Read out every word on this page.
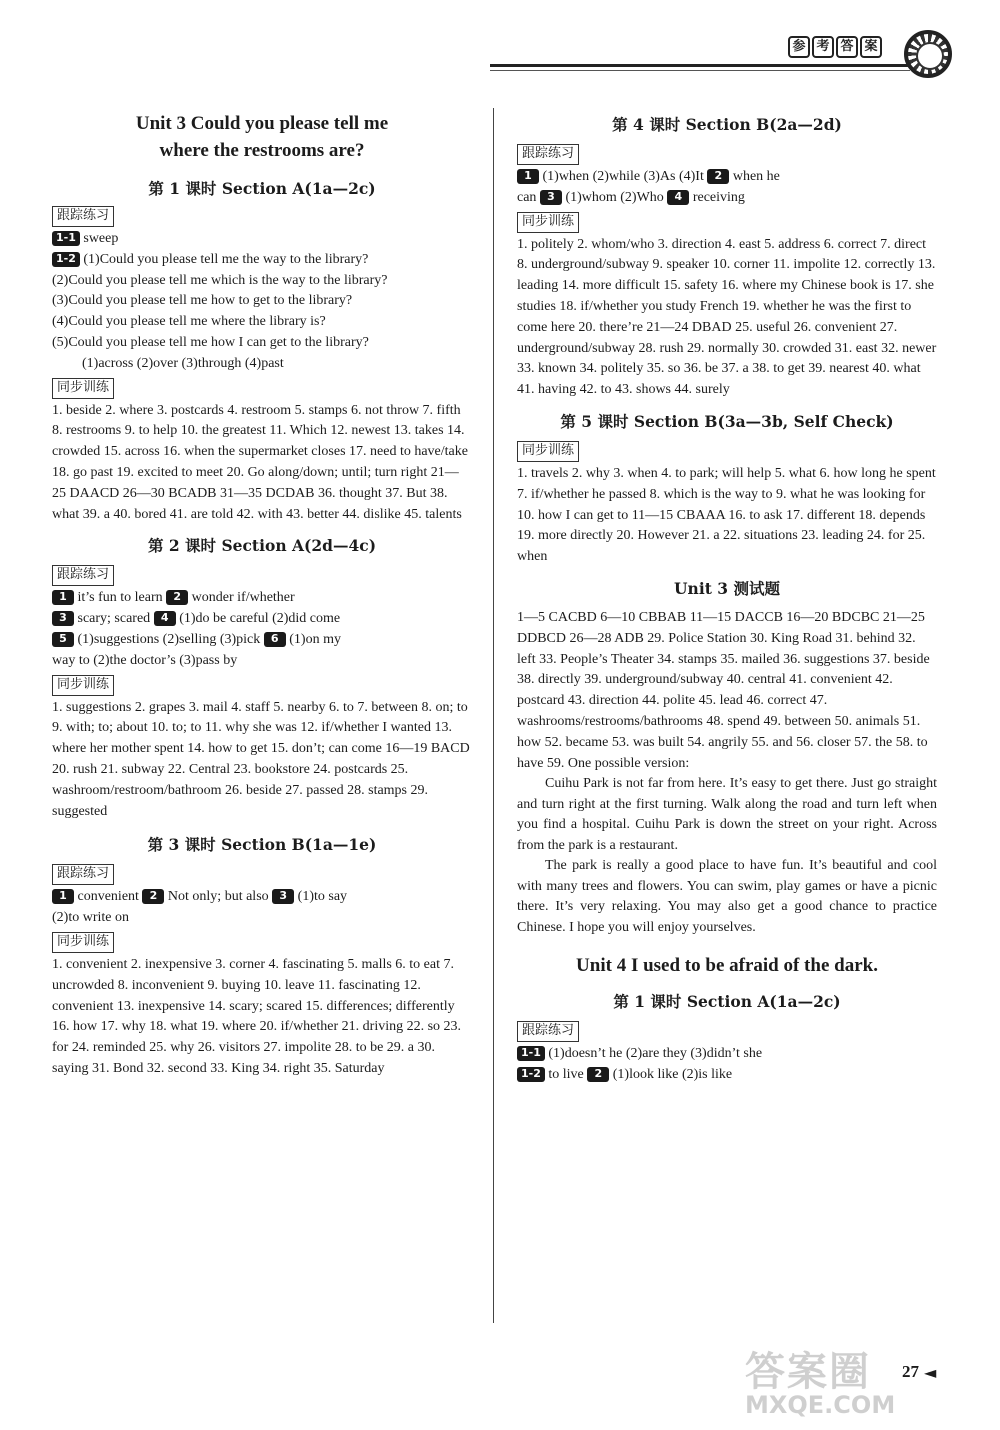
参 考 答 案
Unit 3 Could you please tell me
where the restrooms are?
第 1 课时 Section A(1a—2c)
跟踪练习
1-1 sweep
1-2 (1)Could you please tell me the way to the library?
(2)Could you please tell me which is the way to the library?
(3)Could you please tell me how to get to the library?
(4)Could you please tell me where the library is?
(5)Could you please tell me how I can get to the library?
(1)across (2)over (3)through (4)past
同步训练
1. beside 2. where 3. postcards 4. restroom 5. stamps 6. not throw 7. fifth 8. restrooms 9. to help 10. the greatest 11. Which 12. newest 13. takes 14. crowded 15. across 16. when the supermarket closes 17. need to have/take 18. go past 19. excited to meet 20. Go along/down; until; turn right 21—25 DAACD 26—30 BCADB 31—35 DCDAB 36. thought 37. But 38. what 39. a 40. bored 41. are told 42. with 43. better 44. dislike 45. talents
第 2 课时 Section A(2d—4c)
跟踪练习
1 it’s fun to learn 2 wonder if/whether
3 scary; scared 4 (1)do be careful (2)did come
5 (1)suggestions (2)selling (3)pick 6 (1)on my
way to (2)the doctor’s (3)pass by
同步训练
1. suggestions 2. grapes 3. mail 4. staff 5. nearby 6. to 7. between 8. on; to 9. with; to; about 10. to; to 11. why she was 12. if/whether I wanted 13. where her mother spent 14. how to get 15. don’t; can come 16—19 BACD 20. rush 21. subway 22. Central 23. bookstore 24. postcards 25. washroom/restroom/bathroom 26. beside 27. passed 28. stamps 29. suggested
第 3 课时 Section B(1a—1e)
跟踪练习
1 convenient 2 Not only; but also 3 (1)to say
(2)to write on
同步训练
1. convenient 2. inexpensive 3. corner 4. fascinating 5. malls 6. to eat 7. uncrowded 8. inconvenient 9. buying 10. leave 11. fascinating 12. convenient 13. inexpensive 14. scary; scared 15. differences; differently 16. how 17. why 18. what 19. where 20. if/whether 21. driving 22. so 23. for 24. reminded 25. why 26. visitors 27. impolite 28. to be 29. a 30. saying 31. Bond 32. second 33. King 34. right 35. Saturday
第 4 课时 Section B(2a—2d)
跟踪练习
1 (1)when (2)while (3)As (4)It 2 when he
can 3 (1)whom (2)Who 4 receiving
同步训练
1. politely 2. whom/who 3. direction 4. east 5. address 6. correct 7. direct 8. underground/subway 9. speaker 10. corner 11. impolite 12. correctly 13. leading 14. more difficult 15. safety 16. where my Chinese book is 17. she studies 18. if/whether you study French 19. whether he was the first to come here 20. there’re 21—24 DBAD 25. useful 26. convenient 27. underground/subway 28. rush 29. normally 30. crowded 31. east 32. newer 33. known 34. politely 35. so 36. be 37. a 38. to get 39. nearest 40. what 41. having 42. to 43. shows 44. surely
第 5 课时 Section B(3a—3b, Self Check)
同步训练
1. travels 2. why 3. when 4. to park; will help 5. what 6. how long he spent 7. if/whether he passed 8. which is the way to 9. what he was looking for 10. how I can get to 11—15 CBAAA 16. to ask 17. different 18. depends 19. more directly 20. However 21. a 22. situations 23. leading 24. for 25. when
Unit 3 测试题
1—5 CACBD 6—10 CBBAB 11—15 DACCB 16—20 BDCBC 21—25 DDBCD 26—28 ADB 29. Police Station 30. King Road 31. behind 32. left 33. People’s Theater 34. stamps 35. mailed 36. suggestions 37. beside 38. directly 39. underground/subway 40. central 41. convenient 42. postcard 43. direction 44. polite 45. lead 46. correct 47. washrooms/restrooms/bathrooms 48. spend 49. between 50. animals 51. how 52. became 53. was built 54. angrily 55. and 56. closer 57. the 58. to have 59. One possible version:
Cuihu Park is not far from here. It’s easy to get there. Just go straight and turn right at the first turning. Walk along the road and turn left when you find a hospital. Cuihu Park is down the street on your right. Across from the park is a restaurant.
The park is really a good place to have fun. It’s beautiful and cool with many trees and flowers. You can swim, play games or have a picnic there. It’s very relaxing. You may also get a good chance to practice Chinese. I hope you will enjoy yourselves.
Unit 4 I used to be afraid of the dark.
第 1 课时 Section A(1a—2c)
跟踪练习
1-1 (1)doesn’t he (2)are they (3)didn’t she
1-2 to live 2 (1)look like (2)is like
答案圈
MXQE.COM
27 ◄
